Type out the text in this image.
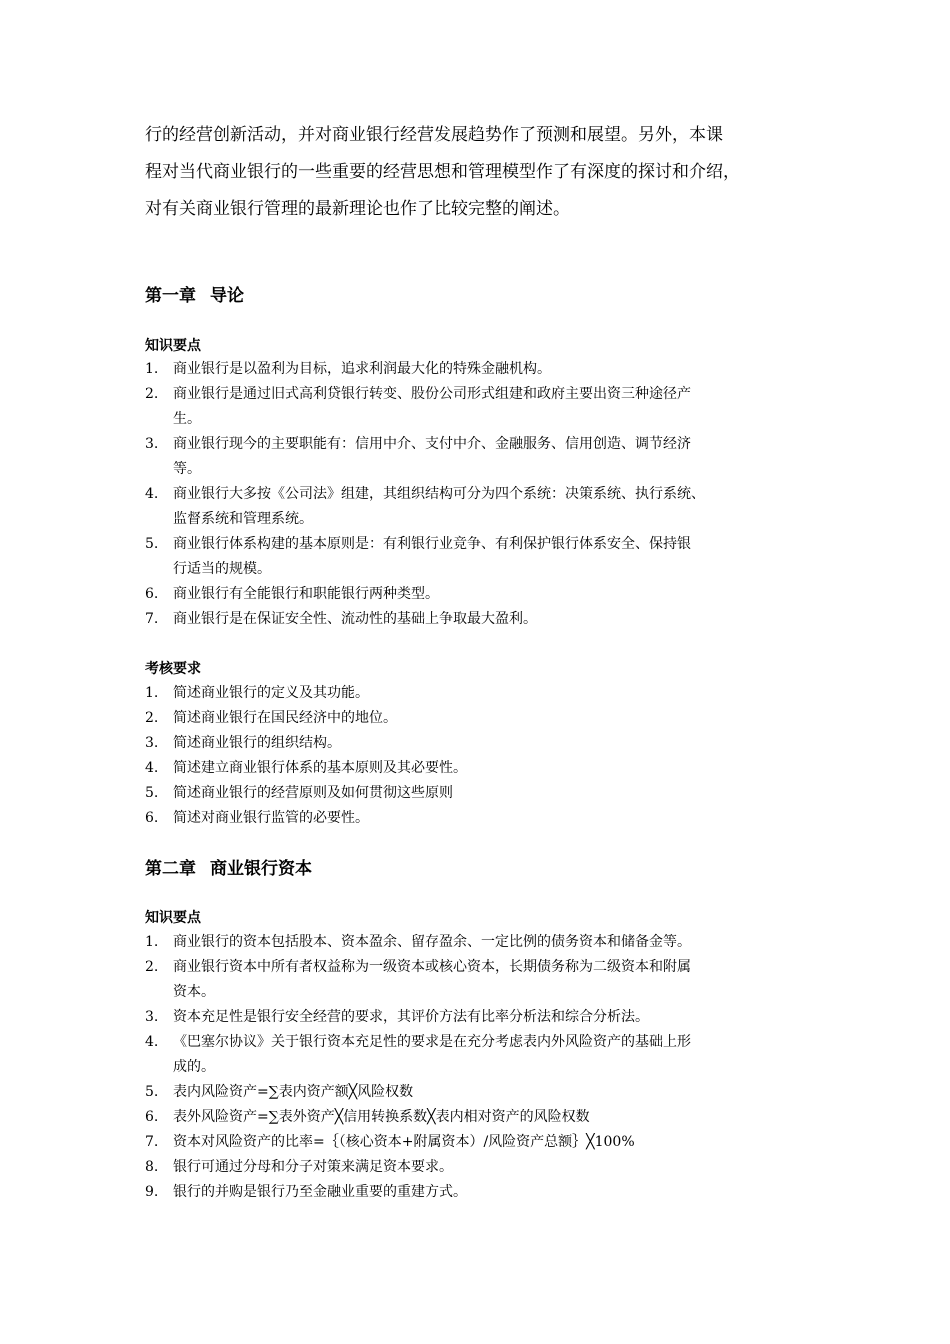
行的经营创新活动，并对商业银行经营发展趋势作了预测和展望。另外，本课
程对当代商业银行的一些重要的经营思想和管理模型作了有深度的探讨和介绍，
对有关商业银行管理的最新理论也作了比较完整的阐述。

第一章 导论
知识要点
1. 商业银行是以盈利为目标，追求利润最大化的特殊金融机构。
2. 商业银行是通过旧式高利贷银行转变、股份公司形式组建和政府主要出资三种途径产
生。
3. 商业银行现今的主要职能有：信用中介、支付中介、金融服务、信用创造、调节经济
等。
4. 商业银行大多按《公司法》组建，其组织结构可分为四个系统：决策系统、执行系统、
监督系统和管理系统。
5. 商业银行体系构建的基本原则是：有利银行业竞争、有利保护银行体系安全、保持银
行适当的规模。
6. 商业银行有全能银行和职能银行两种类型。
7. 商业银行是在保证安全性、流动性的基础上争取最大盈利。
考核要求
1. 简述商业银行的定义及其功能。
2. 简述商业银行在国民经济中的地位。
3. 简述商业银行的组织结构。
4. 简述建立商业银行体系的基本原则及其必要性。
5. 简述商业银行的经营原则及如何贯彻这些原则
6. 简述对商业银行监管的必要性。
第二章 商业银行资本
知识要点
1. 商业银行的资本包括股本、资本盈余、留存盈余、一定比例的债务资本和储备金等。
2. 商业银行资本中所有者权益称为一级资本或核心资本，长期债务称为二级资本和附属
资本。
3. 资本充足性是银行安全经营的要求，其评价方法有比率分析法和综合分析法。
4. 《巴塞尔协议》关于银行资本充足性的要求是在充分考虑表内外风险资产的基础上形
成的。
5. 表内风险资产=∑表内资产额╳风险权数
6. 表外风险资产=∑表外资产╳信用转换系数╳表内相对资产的风险权数
7. 资本对风险资产的比率=｛（核心资本+附属资本）/风险资产总额｝╳100%
8. 银行可通过分母和分子对策来满足资本要求。
9. 银行的并购是银行乃至金融业重要的重建方式。
